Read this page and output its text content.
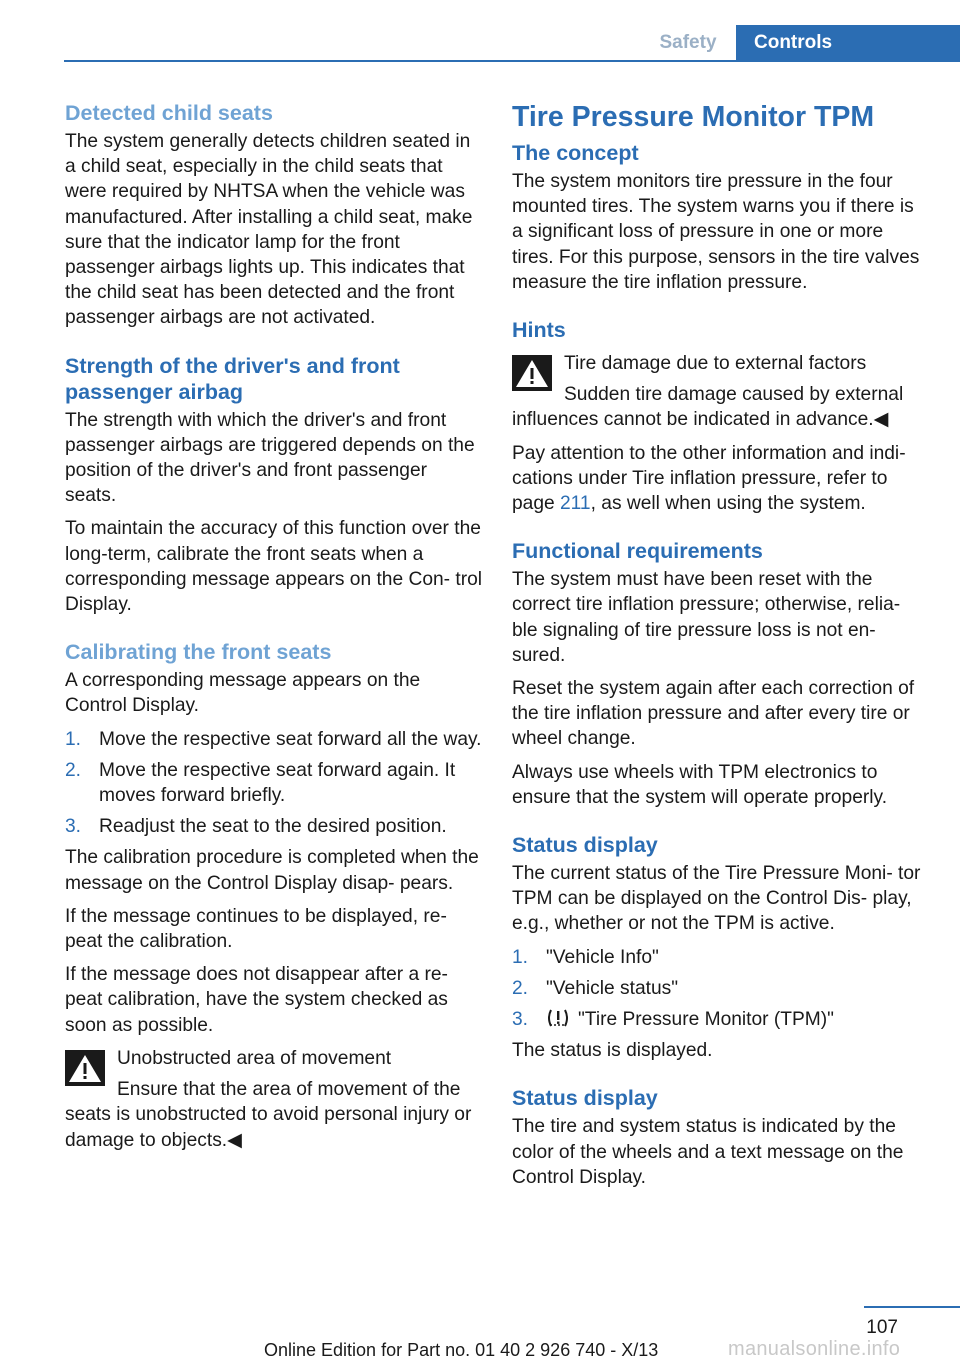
Safety	Controls
Detected child seats

The system generally detects children seated in a child seat, especially in the child seats that were required by NHTSA when the vehicle was manufactured. After installing a child seat, make sure that the indicator lamp for the front passenger airbags lights up. This indicates that the child seat has been detected and the front passenger airbags are not activated.

Strength of the driver's and front passenger airbag

The strength with which the driver's and front passenger airbags are triggered depends on the position of the driver's and front passenger seats.

To maintain the accuracy of this function over the long-term, calibrate the front seats when a corresponding message appears on the Con‐ trol Display.

Calibrating the front seats

A corresponding message appears on the Control Display.

1. Move the respective seat forward all the way.
2. Move the respective seat forward again. It moves forward briefly.
3. Readjust the seat to the desired position.

The calibration procedure is completed when the message on the Control Display disap‐ pears.

If the message continues to be displayed, re‐ peat the calibration.

If the message does not disappear after a re‐ peat calibration, have the system checked as soon as possible.

Unobstructed area of movement

Ensure that the area of movement of the seats is unobstructed to avoid personal injury or damage to objects.◀

Tire Pressure Monitor TPM
The concept

The system monitors tire pressure in the four mounted tires. The system warns you if there is a significant loss of pressure in one or more tires. For this purpose, sensors in the tire valves measure the tire inflation pressure.

Hints
Tire damage due to external factors

Sudden tire damage caused by external influences cannot be indicated in advance.◀

Pay attention to the other information and indi‐ cations under Tire inflation pressure, refer to page 211, as well when using the system.

Functional requirements

The system must have been reset with the correct tire inflation pressure; otherwise, relia‐ ble signaling of tire pressure loss is not en‐ sured.

Reset the system again after each correction of the tire inflation pressure and after every tire or wheel change.

Always use wheels with TPM electronics to ensure that the system will operate properly.

Status display

The current status of the Tire Pressure Moni‐ tor TPM can be displayed on the Control Dis‐ play, e.g., whether or not the TPM is active.

1. "Vehicle Info"
2. "Vehicle status"
3.	"Tire Pressure Monitor (TPM)"

The status is displayed.

Status display

The tire and system status is indicated by the color of the wheels and a text message on the Control Display.

107
Online Edition for Part no. 01 40 2 926 740 - X/13	manualsonline.info
